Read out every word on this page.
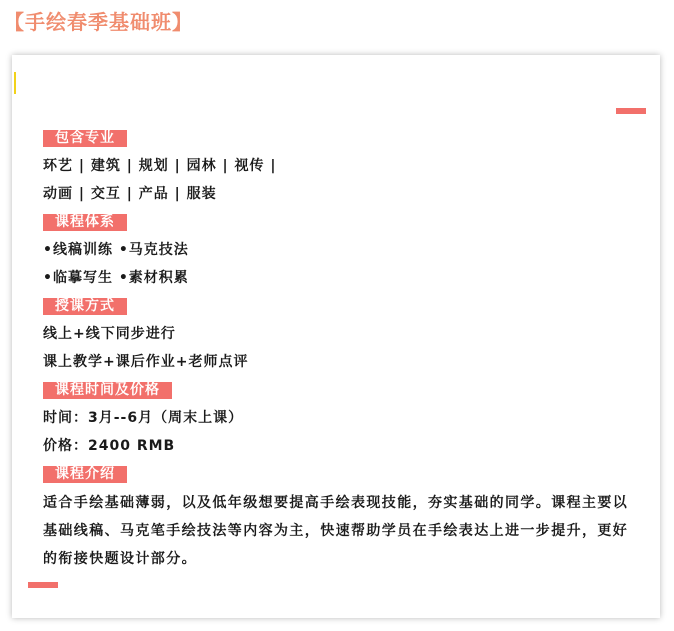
【手绘春季基础班】
包含专业
环艺 | 建筑 | 规划 | 园林 | 视传 |
动画 | 交互 | 产品 | 服装
课程体系
•线稿训练 •马克技法
•临摹写生 •素材积累
授课方式
线上+线下同步进行
课上教学+课后作业+老师点评
课程时间及价格
时间：3月--6月（周末上课）
价格：2400 RMB
课程介绍
适合手绘基础薄弱，以及低年级想要提高手绘表现技能，夯实基础的同学。课程主要以基础线稿、马克笔手绘技法等内容为主，快速帮助学员在手绘表达上进一步提升，更好的衔接快题设计部分。
